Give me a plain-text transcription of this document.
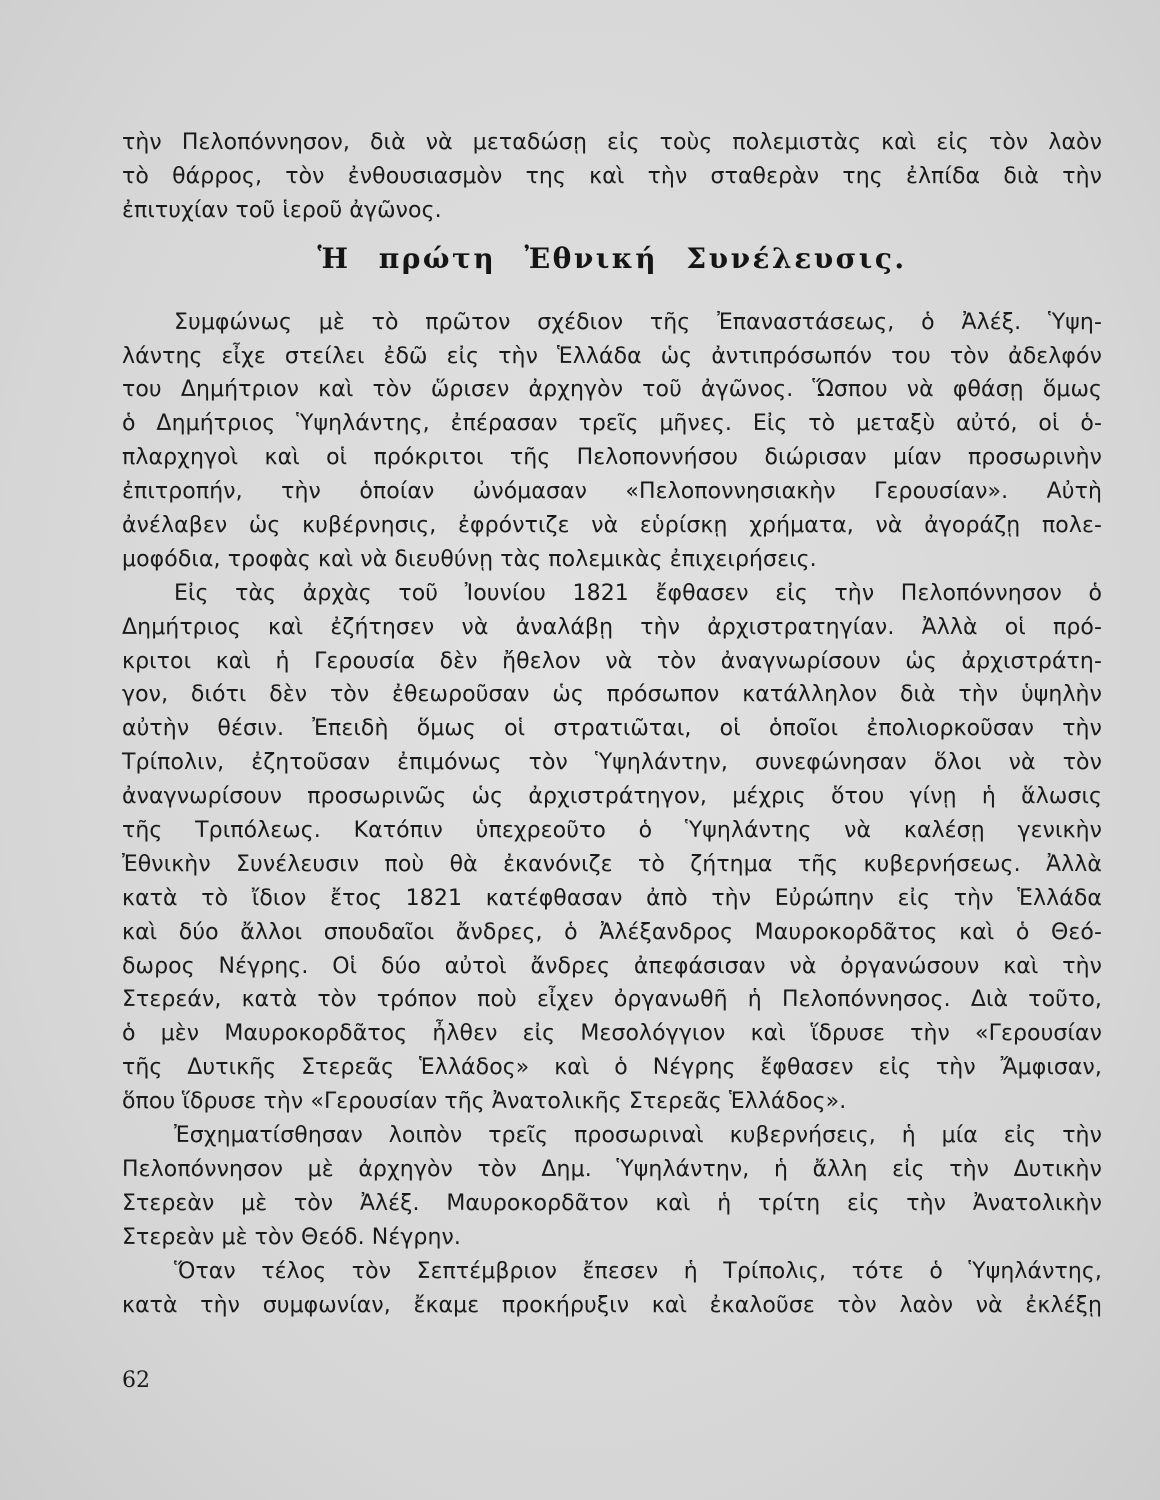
τὴν Πελοπόννησον, διὰ νὰ μεταδώσῃ εἰς τοὺς πολεμιστὰς καὶ εἰς τὸν λαὸν
τὸ θάρρος, τὸν ἐνθουσιασμὸν της καὶ τὴν σταθερὰν της ἐλπίδα διὰ τὴν
ἐπιτυχίαν τοῦ ἱεροῦ ἀγῶνος.
Ἡ πρώτη Ἐθνική Συνέλευσις.
Συμφώνως μὲ τὸ πρῶτον σχέδιον τῆς Ἐπαναστάσεως, ὁ Ἀλέξ. Ὑψη-
λάντης εἶχε στείλει ἐδῶ εἰς τὴν Ἑλλάδα ὡς ἀντιπρόσωπόν του τὸν ἀδελφόν
του Δημήτριον καὶ τὸν ὥρισεν ἀρχηγὸν τοῦ ἀγῶνος. Ὥσπου νὰ φθάσῃ ὅμως
ὁ Δημήτριος Ὑψηλάντης, ἐπέρασαν τρεῖς μῆνες. Εἰς τὸ μεταξὺ αὐτό, οἱ ὁ-
πλαρχηγοὶ καὶ οἱ πρόκριτοι τῆς Πελοποννήσου διώρισαν μίαν προσωρινὴν
ἐπιτροπήν, τὴν ὁποίαν ὠνόμασαν «Πελοποννησιακὴν Γερουσίαν». Αὐτὴ
ἀνέλαβεν ὡς κυβέρνησις, ἐφρόντιζε νὰ εὑρίσκῃ χρήματα, νὰ ἀγοράζῃ πολε-
μοφόδια, τροφὰς καὶ νὰ διευθύνῃ τὰς πολεμικὰς ἐπιχειρήσεις.
Εἰς τὰς ἀρχὰς τοῦ Ἰουνίου 1821 ἔφθασεν εἰς τὴν Πελοπόννησον ὁ
Δημήτριος καὶ ἐζήτησεν νὰ ἀναλάβῃ τὴν ἀρχιστρατηγίαν. Ἀλλὰ οἱ πρό-
κριτοι καὶ ἡ Γερουσία δὲν ἤθελον νὰ τὸν ἀναγνωρίσουν ὡς ἀρχιστράτη-
γον, διότι δὲν τὸν ἐθεωροῦσαν ὡς πρόσωπον κατάλληλον διὰ τὴν ὑψηλὴν
αὐτὴν θέσιν. Ἐπειδὴ ὅμως οἱ στρατιῶται, οἱ ὁποῖοι ἐπολιορκοῦσαν τὴν
Τρίπολιν, ἐζητοῦσαν ἐπιμόνως τὸν Ὑψηλάντην, συνεφώνησαν ὅλοι νὰ τὸν
ἀναγνωρίσουν προσωρινῶς ὡς ἀρχιστράτηγον, μέχρις ὅτου γίνῃ ἡ ἅλωσις
τῆς Τριπόλεως. Κατόπιν ὑπεχρεοῦτο ὁ Ὑψηλάντης νὰ καλέσῃ γενικὴν
Ἐθνικὴν Συνέλευσιν ποὺ θὰ ἐκανόνιζε τὸ ζήτημα τῆς κυβερνήσεως. Ἀλλὰ
κατὰ τὸ ἴδιον ἔτος 1821 κατέφθασαν ἀπὸ τὴν Εὐρώπην εἰς τὴν Ἑλλάδα
καὶ δύο ἄλλοι σπουδαῖοι ἄνδρες, ὁ Ἀλέξανδρος Μαυροκορδᾶτος καὶ ὁ Θεό-
δωρος Νέγρης. Οἱ δύο αὐτοὶ ἄνδρες ἀπεφάσισαν νὰ ὀργανώσουν καὶ τὴν
Στερεάν, κατὰ τὸν τρόπον ποὺ εἶχεν ὀργανωθῆ ἡ Πελοπόννησος. Διὰ τοῦτο,
ὁ μὲν Μαυροκορδᾶτος ἦλθεν εἰς Μεσολόγγιον καὶ ἵδρυσε τὴν «Γερουσίαν
τῆς Δυτικῆς Στερεᾶς Ἑλλάδος» καὶ ὁ Νέγρης ἔφθασεν εἰς τὴν Ἄμφισαν,
ὅπου ἵδρυσε τὴν «Γερουσίαν τῆς Ἀνατολικῆς Στερεᾶς Ἑλλάδος».
Ἐσχηματίσθησαν λοιπὸν τρεῖς προσωριναὶ κυβερνήσεις, ἡ μία εἰς τὴν
Πελοπόννησον μὲ ἀρχηγὸν τὸν Δημ. Ὑψηλάντην, ἡ ἄλλη εἰς τὴν Δυτικὴν
Στερεὰν μὲ τὸν Ἀλέξ. Μαυροκορδᾶτον καὶ ἡ τρίτη εἰς τὴν Ἀνατολικὴν
Στερεὰν μὲ τὸν Θεόδ. Νέγρην.
Ὅταν τέλος τὸν Σεπτέμβριον ἔπεσεν ἡ Τρίπολις, τότε ὁ Ὑψηλάντης,
κατὰ τὴν συμφωνίαν, ἔκαμε προκήρυξιν καὶ ἐκαλοῦσε τὸν λαὸν νὰ ἐκλέξῃ
62
